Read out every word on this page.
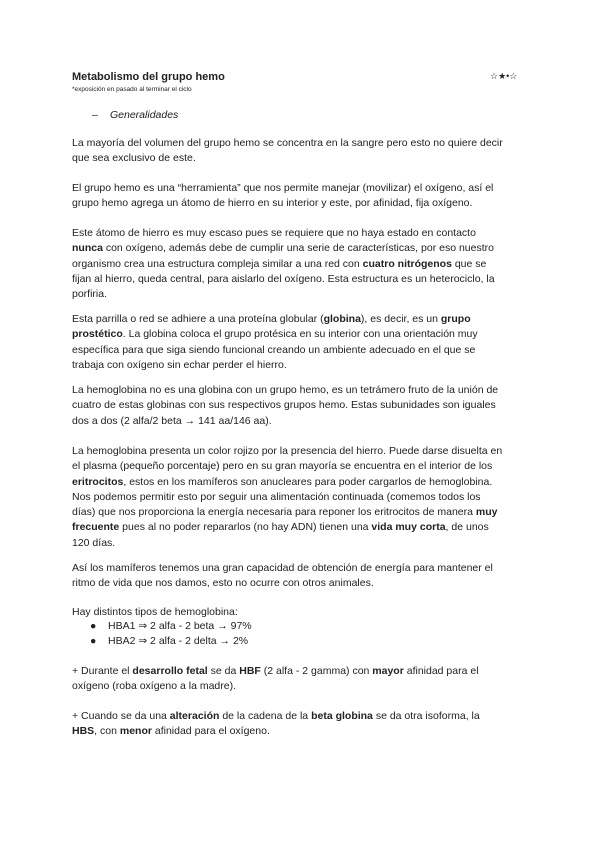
Metabolismo del grupo hemo	☆★•☆
*exposición en pasado al terminar el ciclo
– Generalidades
La mayoría del volumen del grupo hemo se concentra en la sangre pero esto no quiere decir
que sea exclusivo de este.
El grupo hemo es una “herramienta” que nos permite manejar (movilizar) el oxígeno, así el
grupo hemo agrega un átomo de hierro en su interior y este, por afinidad, fija oxígeno.
Este átomo de hierro es muy escaso pues se requiere que no haya estado en contacto
nunca con oxígeno, además debe de cumplir una serie de características, por eso nuestro
organismo crea una estructura compleja similar a una red con cuatro nitrógenos que se
fijan al hierro, queda central, para aislarlo del oxígeno. Esta estructura es un heterociclo, la
porfiria.
Esta parrilla o red se adhiere a una proteína globular (globina), es decir, es un grupo
prostético. La globina coloca el grupo protésica en su interior con una orientación muy
específica para que siga siendo funcional creando un ambiente adecuado en el que se
trabaja con oxígeno sin echar perder el hierro.
La hemoglobina no es una globina con un grupo hemo, es un tetrámero fruto de la unión de
cuatro de estas globinas con sus respectivos grupos hemo. Estas subunidades son iguales
dos a dos (2 alfa/2 beta → 141 aa/146 aa).
La hemoglobina presenta un color rojizo por la presencia del hierro. Puede darse disuelta en
el plasma (pequeño porcentaje) pero en su gran mayoría se encuentra en el interior de los
eritrocitos, estos en los mamíferos son anucleares para poder cargarlos de hemoglobina.
Nos podemos permitir esto por seguir una alimentación continuada (comemos todos los
días) que nos proporciona la energía necesaria para reponer los eritrocitos de manera muy
frecuente pues al no poder repararlos (no hay ADN) tienen una vida muy corta, de unos
120 días.
Así los mamíferos tenemos una gran capacidad de obtención de energía para mantener el
ritmo de vida que nos damos, esto no ocurre con otros animales.
Hay distintos tipos de hemoglobina:
●	HBA1 ⇒ 2 alfa - 2 beta → 97%
●	HBA2 ⇒ 2 alfa - 2 delta → 2%
+ Durante el desarrollo fetal se da HBF (2 alfa - 2 gamma) con mayor afinidad para el
oxígeno (roba oxígeno a la madre).
+ Cuando se da una alteración de la cadena de la beta globina se da otra isoforma, la
HBS, con menor afinidad para el oxígeno.
